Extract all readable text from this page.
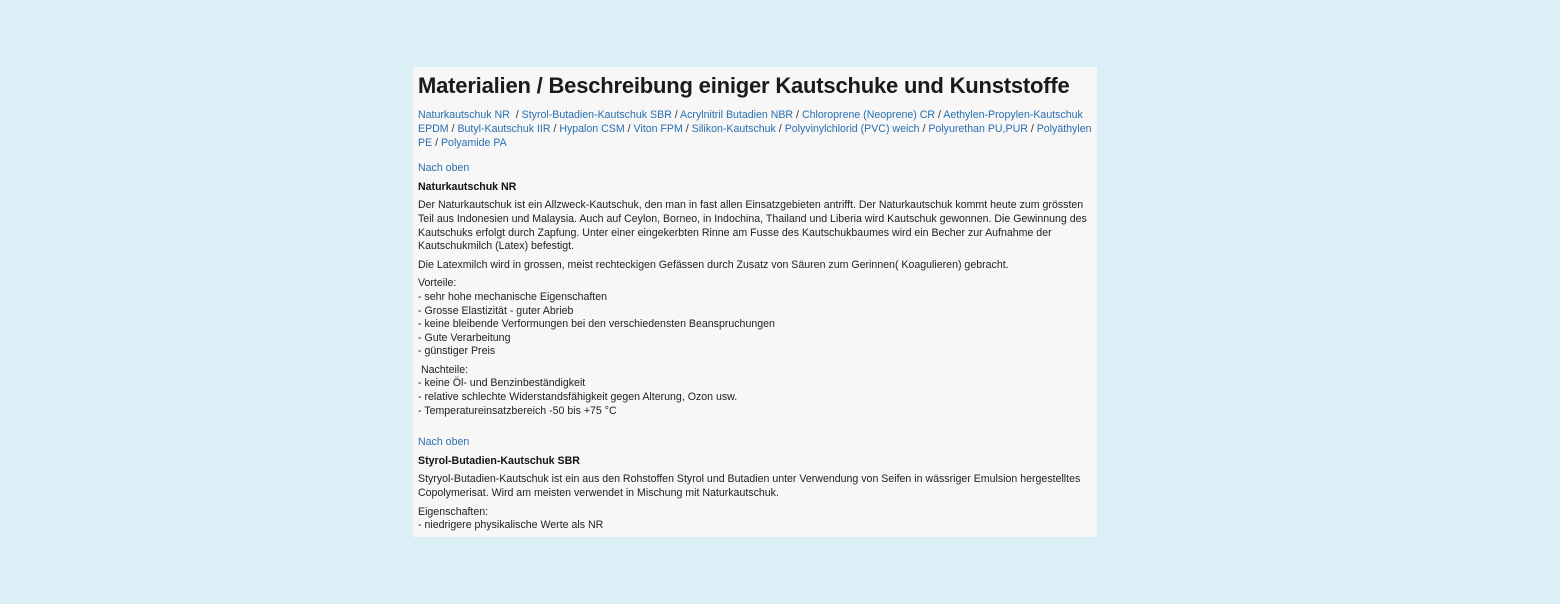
Materialien / Beschreibung einiger Kautschuke und Kunststoffe
Naturkautschuk NR  / Styrol-Butadien-Kautschuk SBR / Acrylnitril Butadien NBR / Chloroprene (Neoprene) CR / Aethylen-Propylen-Kautschuk EPDM / Butyl-Kautschuk IIR / Hypalon CSM / Viton FPM / Silikon-Kautschuk / Polyvinylchlorid (PVC) weich / Polyurethan PU,PUR / Polyäthylen PE / Polyamide PA
Nach oben
Naturkautschuk NR

Der Naturkautschuk ist ein Allzweck-Kautschuk, den man in fast allen Einsatzgebieten antrifft. Der Naturkautschuk kommt heute zum grössten Teil aus Indonesien und Malaysia. Auch auf Ceylon, Borneo, in Indochina, Thailand und Liberia wird Kautschuk gewonnen. Die Gewinnung des Kautschuks erfolgt durch Zapfung. Unter einer eingekerbten Rinne am Fusse des Kautschukbaumes wird ein Becher zur Aufnahme der Kautschukmilch (Latex) befestigt.

Die Latexmilch wird in grossen, meist rechteckigen Gefässen durch Zusatz von Säuren zum Gerinnen( Koagulieren) gebracht.

Vorteile:
- sehr hohe mechanische Eigenschaften
- Grosse Elastizität - guter Abrieb
- keine bleibende Verformungen bei den verschiedensten Beanspruchungen
- Gute Verarbeitung
- günstiger Preis
Nachteile:
- keine Öl- und Benzinbeständigkeit
- relative schlechte Widerstandsfähigkeit gegen Alterung, Ozon usw.
- Temperatureinsatzbereich -50 bis +75 °C
Nach oben
Styrol-Butadien-Kautschuk SBR

Styryol-Butadien-Kautschuk ist ein aus den Rohstoffen Styrol und Butadien unter Verwendung von Seifen in wässriger Emulsion hergestelltes Copolymerisat. Wird am meisten verwendet in Mischung mit Naturkautschuk.

Eigenschaften:
- niedrigere physikalische Werte als NR
